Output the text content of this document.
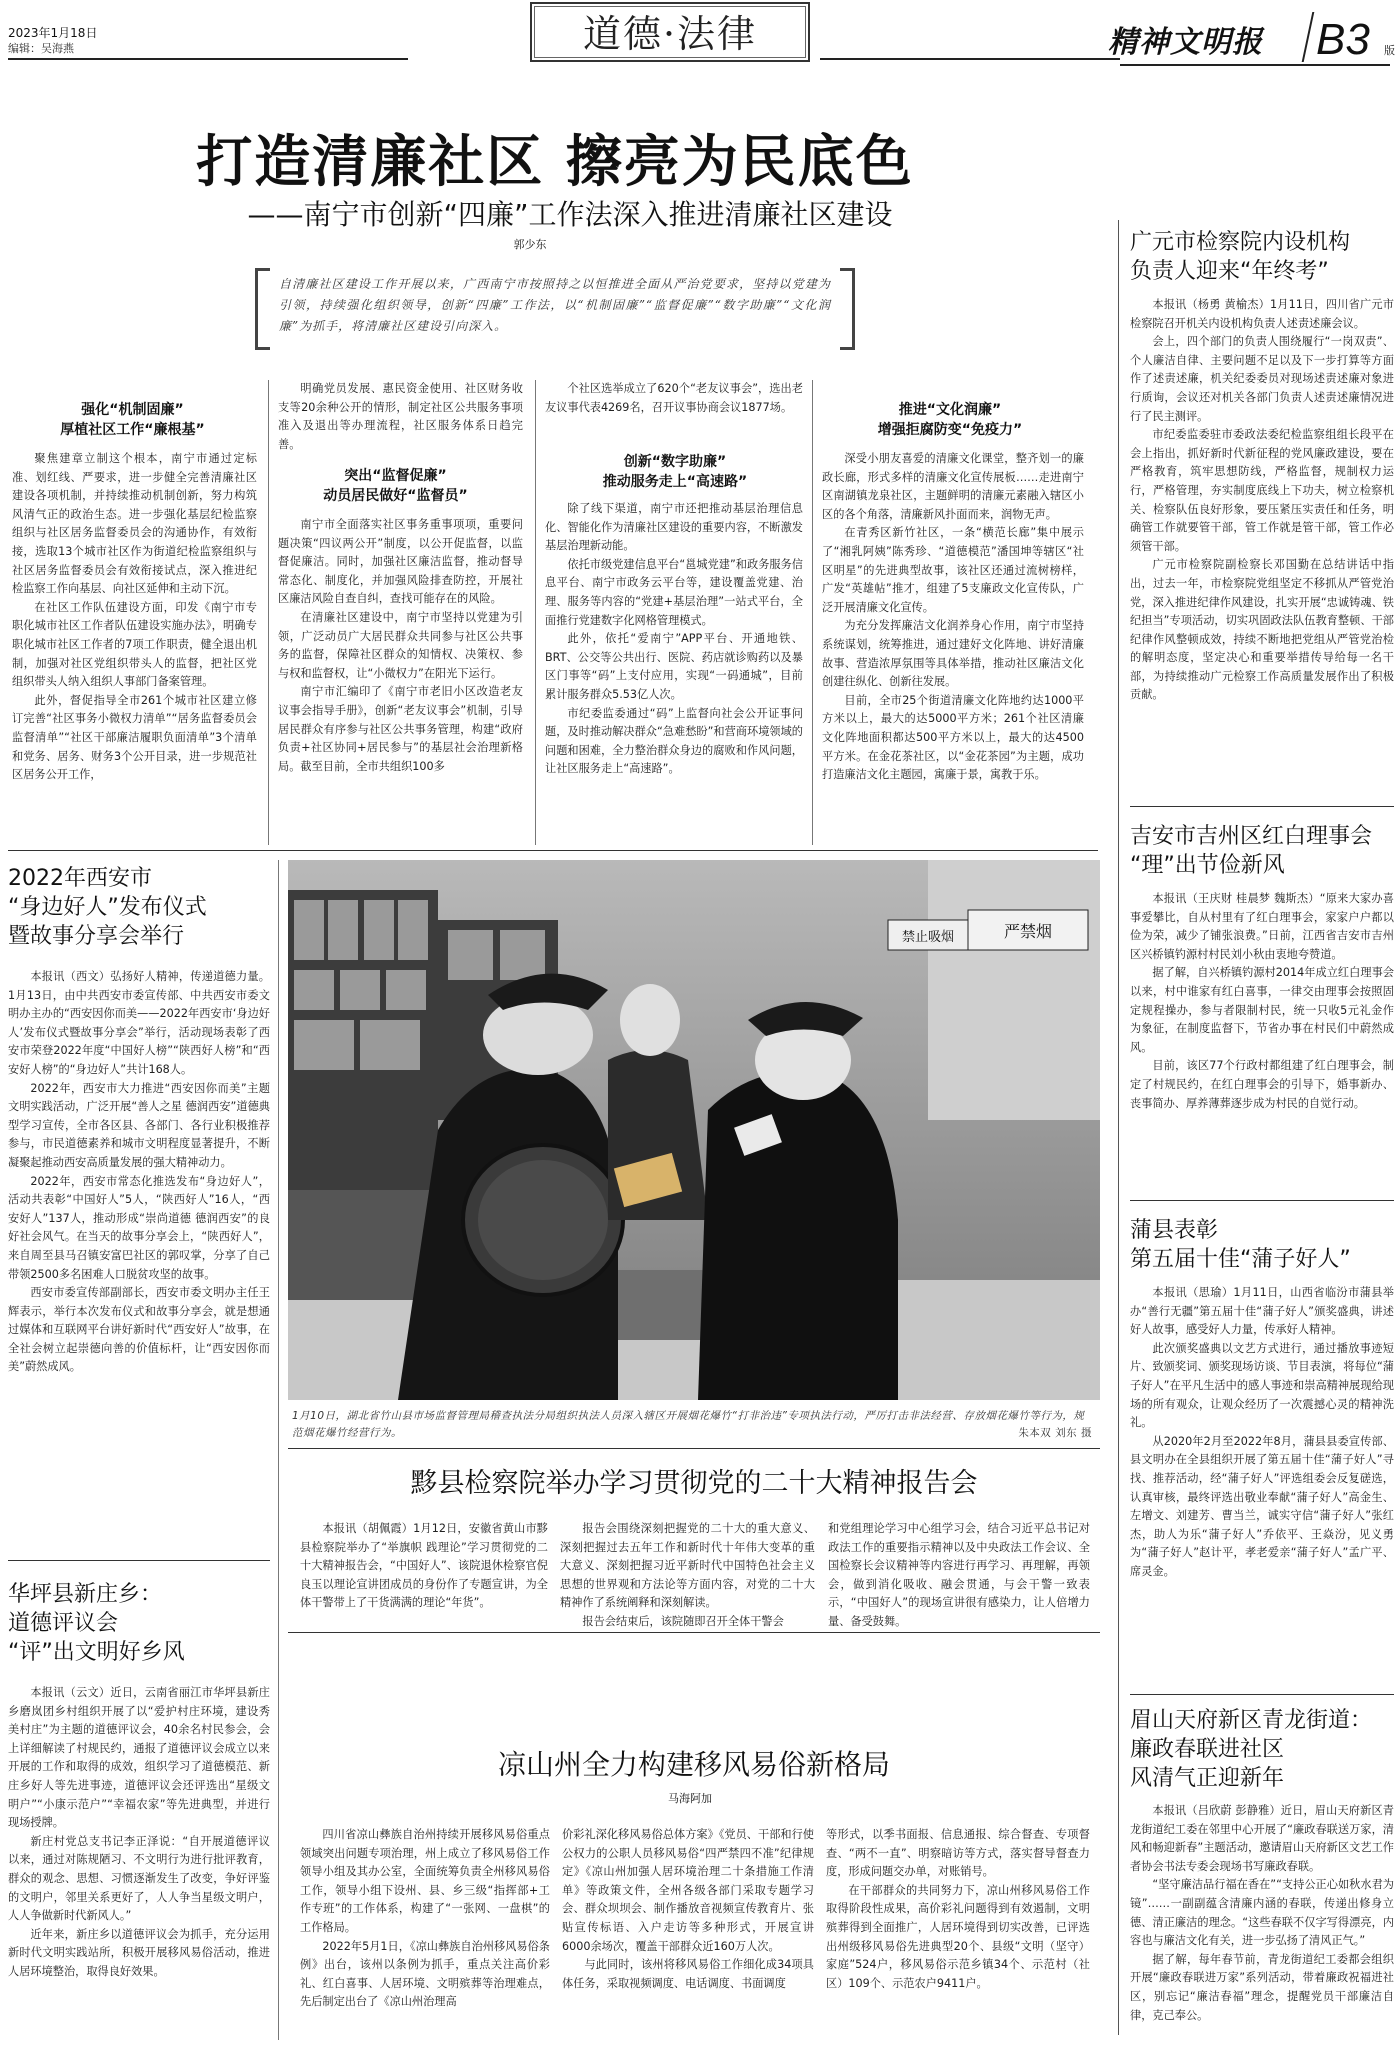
2023年1月18日
编辑：吴海燕	道德·法律	精神文明报 B3 版
打造清廉社区 擦亮为民底色
——南宁市创新“四廉”工作法深入推进清廉社区建设
郭少东
自清廉社区建设工作开展以来，广西南宁市按照持之以恒推进全面从严治党要求，坚持以党建为引领，持续强化组织领导，创新“四廉”工作法，以“机制固廉”“监督促廉”“数字助廉”“文化润廉”为抓手，将清廉社区建设引向深入。
强化“机制固廉”
厚植社区工作“廉根基”
突出“监督促廉”
动员居民做好“监督员”
创新“数字助廉”
推动服务走上“高速路”
推进“文化润廉”
增强拒腐防变“免疫力”

聚焦建章立制这个根本，南宁市通过定标准、划红线、严要求，进一步健全完善清廉社区建设各项机制，并持续推动机制创新，努力构筑风清气正的政治生态。进一步强化基层纪检监察组织与社区居务监督委员会的沟通协作，有效衔接，选取13个城市社区作为街道纪检监察组织与社区居务监督委员会有效衔接试点，深入推进纪检监察工作向基层、向社区延伸和主动下沉。

在社区工作队伍建设方面，印发《南宁市专职化城市社区工作者队伍建设实施办法》，明确专职化城市社区工作者的7项工作职责，健全退出机制，加强对社区党组织带头人的监督，把社区党组织带头人纳入组织人事部门备案管理。

此外，督促指导全市261个城市社区建立修订完善“社区事务小微权力清单”“居务监督委员会监督清单”“社区干部廉洁履职负面清单”3个清单和党务、居务、财务3个公开目录，进一步规范社区居务公开工作，

明确党员发展、惠民资金使用、社区财务收支等20余种公开的情形，制定社区公共服务事项准入及退出等办理流程，社区服务体系日趋完善。

南宁市全面落实社区事务重事项项，重要问题决策“四议两公开”制度，以公开促监督，以监督促廉洁。同时，加强社区廉洁监督，推动督导常态化、制度化，并加强风险排查防控，开展社区廉洁风险自查自纠，查找可能存在的风险。

在清廉社区建设中，南宁市坚持以党建为引领，广泛动员广大居民群众共同参与社区公共事务的监督，保障社区群众的知情权、决策权、参与权和监督权，让“小微权力”在阳光下运行。

南宁市汇编印了《南宁市老旧小区改造老友议事会指导手册》，创新“老友议事会”机制，引导居民群众有序参与社区公共事务管理，构建“政府负责+社区协同+居民参与”的基层社会治理新格局。截至目前，全市共组织100多

个社区选举成立了620个“老友议事会”，选出老友议事代表4269名，召开议事协商会议1877场。

除了线下渠道，南宁市还把推动基层治理信息化、智能化作为清廉社区建设的重要内容，不断激发基层治理新动能。

依托市级党建信息平台“邕城党建”和政务服务信息平台、南宁市政务云平台等，建设覆盖党建、治理、服务等内容的“党建+基层治理”一站式平台，全面推行党建数字化网格管理模式。

此外，依托“爱南宁”APP平台、开通地铁、BRT、公交等公共出行、医院、药店就诊购药以及暴区门事等“码”上支付应用，实现“一码通城”，目前累计服务群众5.53亿人次。

市纪委监委通过“码”上监督向社会公开证事问题，及时推动解决群众“急难愁盼”和营商环境领域的问题和困难，全力整治群众身边的腐败和作风问题，让社区服务走上“高速路”。

深受小朋友喜爱的清廉文化课堂，整齐划一的廉政长廊，形式多样的清廉文化宣传展板……走进南宁区南湖镇龙泉社区，主题鲜明的清廉元素融入辖区小区的各个角落，清廉新风扑面而来，润物无声。

在青秀区新竹社区，一条“横范长廊”集中展示了“湘乳阿姨”陈秀珍、“道德模范”潘国坤等辖区“社区明星”的先进典型故事，该社区还通过流树榜样，广发“英雄帖”推才，组建了5支廉政文化宣传队，广泛开展清廉文化宣传。

为充分发挥廉洁文化润养身心作用，南宁市坚持系统谋划，统筹推进，通过建好文化阵地、讲好清廉故事、营造浓厚氛围等具体举措，推动社区廉洁文化创建往纵化、创新往发展。

目前，全市25个街道清廉文化阵地约达1000平方米以上，最大的达5000平方米；261个社区清廉文化阵地面积都达500平方米以上，最大的达4500平方米。在金花茶社区，以“金花茶园”为主题，成功打造廉洁文化主题园，寓廉于景，寓教于乐。

2022年西安市
“身边好人”发布仪式
暨故事分享会举行

本报讯（西文）弘扬好人精神，传递道德力量。1月13日，由中共西安市委宣传部、中共西安市委文明办主办的“西安因你而美——2022年西安市‘身边好人’发布仪式暨故事分享会”举行，活动现场表彰了西安市荣登2022年度“中国好人榜”“陕西好人榜”和“西安好人榜”的“身边好人”共计168人。

2022年，西安市大力推进“西安因你而美”主题文明实践活动，广泛开展“善人之星 德润西安”道德典型学习宣传，全市各区县、各部门、各行业积极推荐参与，市民道德素养和城市文明程度显著提升，不断凝聚起推动西安高质量发展的强大精神动力。

2022年，西安市常态化推选发布“身边好人”，活动共表彰“中国好人”5人，“陕西好人”16人，“西安好人”137人，推动形成“崇尚道德 德润西安”的良好社会风气。在当天的故事分享会上，“陕西好人”，来自周至县马召镇安富巴社区的郭叹掌，分享了自己带领2500多名困难人口脱贫攻坚的故事。

西安市委宣传部副部长，西安市委文明办主任王辉表示，举行本次发布仪式和故事分享会，就是想通过媒体和互联网平台讲好新时代“西安好人”故事，在全社会树立起崇德向善的价值标杆，让“西安因你而美”蔚然成风。

华坪县新庄乡：
道德评议会
“评”出文明好乡风

本报讯（云文）近日，云南省丽江市华坪县新庄乡磨岚团乡村组织开展了以“爱护村庄环境，建设秀美村庄”为主题的道德评议会，40余名村民参会，会上详细解读了村规民约，通报了道德评议会成立以来开展的工作和取得的成效，组织学习了道德模范、新庄乡好人等先进事迹，道德评议会还评选出“星级文明户”“小康示范户”“幸福农家”等先进典型，并进行现场授牌。

新庄村党总支书记李正泽说：“自开展道德评议以来，通过对陈规陋习、不文明行为进行批评教育，群众的观念、思想、习惯逐渐发生了改变，争好评鉴的文明户，邻里关系更好了，人人争当星级文明户，人人争做新时代新风人。”

近年来，新庄乡以道德评议会为抓手，充分运用新时代文明实践站所，积极开展移风易俗活动，推进人居环境整治，取得良好效果。

严禁烟
禁止吸烟
1月10日，湖北省竹山县市场监督管理局稽查执法分局组织执法人员深入辖区开展烟花爆竹“打非治违”专项执法行动，严厉打击非法经营、存放烟花爆竹等行为，规范烟花爆竹经营行为。	朱本双 刘东 摄
黟县检察院举办学习贯彻党的二十大精神报告会

本报讯（胡佩霞）1月12日，安徽省黄山市黟县检察院举办了“举旗帜 践理论”学习贯彻党的二十大精神报告会，“中国好人”、该院退休检察官倪良玉以理论宣讲团成员的身份作了专题宣讲，为全体干警带上了干货满满的理论“年货”。

报告会围绕深刻把握党的二十大的重大意义、深刻把握过去五年工作和新时代十年伟大变革的重大意义、深刻把握习近平新时代中国特色社会主义思想的世界观和方法论等方面内容，对党的二十大精神作了系统阐释和深刻解读。

报告会结束后，该院随即召开全体干警会

和党组理论学习中心组学习会，结合习近平总书记对政法工作的重要指示精神以及中央政法工作会议、全国检察长会议精神等内容进行再学习、再理解，再领会，做到消化吸收、融会贯通，与会干警一致表示，“中国好人”的现场宣讲很有感染力，让人倍增力量、备受鼓舞。

凉山州全力构建移风易俗新格局
马海阿加

四川省凉山彝族自治州持续开展移风易俗重点领域突出问题专项治理，州上成立了移风易俗工作领导小组及其办公室，全面统筹负责全州移风易俗工作，领导小组下设州、县、乡三级“指挥部+工作专班”的工作体系，构建了“一张网、一盘棋”的工作格局。

2022年5月1日，《凉山彝族自治州移风易俗条例》出台，该州以条例为抓手，重点关注高价彩礼、红白喜事、人居环境、文明殡葬等治理难点，先后制定出台了《凉山州治理高

价彩礼深化移风易俗总体方案》《党员、干部和行使公权力的公职人员移风易俗“四严禁四不准”纪律规定》《凉山州加强人居环境治理二十条措施工作清单》等政策文件，全州各级各部门采取专题学习会、群众坝坝会、制作播放音视频宣传教育片、张贴宣传标语、入户走访等多种形式，开展宣讲6000余场次，覆盖干部群众近160万人次。

与此同时，该州将移风易俗工作细化成34项具体任务，采取视频调度、电话调度、书面调度

等形式，以季书面报、信息通报、综合督查、专项督查、“两不一直”、明察暗访等方式，落实督导督查力度，形成问题交办单，对账销号。

在干部群众的共同努力下，凉山州移风易俗工作取得阶段性成果，高价彩礼问题得到有效遏制，文明殡葬得到全面推广，人居环境得到切实改善，已评选出州级移风易俗先进典型20个、县级“文明（坚守）家庭”524户，移风易俗示范乡镇34个、示范村（社区）109个、示范农户9411户。

广元市检察院内设机构
负责人迎来“年终考”

本报讯（杨勇 黄榆杰）1月11日，四川省广元市检察院召开机关内设机构负责人述责述廉会议。

会上，四个部门的负责人围绕履行“一岗双责”、个人廉洁自律、主要问题不足以及下一步打算等方面作了述责述廉，机关纪委委员对现场述责述廉对象进行质询，会议还对机关各部门负责人述责述廉情况进行了民主测评。

市纪委监委驻市委政法委纪检监察组组长段平在会上指出，抓好新时代新征程的党风廉政建设，要在严格教育，筑牢思想防线，严格监督，规制权力运行，严格管理，夯实制度底线上下功夫，树立检察机关、检察队伍良好形象，要压紧压实责任和任务，明确管工作就要管干部，管工作就是管干部，管工作必须管干部。

广元市检察院副检察长邓国勤在总结讲话中指出，过去一年，市检察院党组坚定不移抓从严管党治党，深入推进纪律作风建设，扎实开展“忠诚铸魂、铁纪担当”专项活动，切实巩固政法队伍教育整顿、干部纪律作风整顿成效，持续不断地把党组从严管党治检的解明态度，坚定决心和重要举措传导给每一名干部，为持续推动广元检察工作高质量发展作出了积极贡献。

吉安市吉州区红白理事会
“理”出节俭新风

本报讯（王庆财 桂晨梦 魏斯杰）“原来大家办喜事爱攀比，自从村里有了红白理事会，家家户户都以俭为荣，减少了铺张浪费。”日前，江西省吉安市吉州区兴桥镇钓源村村民刘小秋由衷地夸赞道。

据了解，自兴桥镇钓源村2014年成立红白理事会以来，村中谁家有红白喜事，一律交由理事会按照固定规程操办，参与者限制村民，统一只收5元礼金作为象征，在制度监督下，节省办事在村民们中蔚然成风。

目前，该区77个行政村都组建了红白理事会，制定了村规民约，在红白理事会的引导下，婚事新办、丧事简办、厚养薄葬逐步成为村民的自觉行动。

蒲县表彰
第五届十佳“蒲子好人”

本报讯（思瑜）1月11日，山西省临汾市蒲县举办“善行无疆”第五届十佳“蒲子好人”颁奖盛典，讲述好人故事，感受好人力量，传承好人精神。

此次颁奖盛典以文艺方式进行，通过播放事迹短片、致颁奖词、颁奖现场访谈、节目表演，将每位“蒲子好人”在平凡生活中的感人事迹和崇高精神展现给现场的所有观众，让观众经历了一次震撼心灵的精神洗礼。

从2020年2月至2022年8月，蒲县县委宣传部、县文明办在全县组织开展了第五届十佳“蒲子好人”寻找、推荐活动，经“蒲子好人”评选组委会反复磋选，认真审核，最终评选出敬业奉献“蒲子好人”高金生、左增文、刘建芳、曹当兰，诚实守信“蒲子好人”张红杰，助人为乐“蒲子好人”乔依平、王焱汾，见义勇为“蒲子好人”赵计平，孝老爱亲“蒲子好人”孟广平、席灵金。

眉山天府新区青龙街道：
廉政春联进社区
风清气正迎新年

本报讯（吕欣蔚 彭静雅）近日，眉山天府新区青龙街道纪工委在邻里中心开展了“廉政春联送万家，清风和畅迎新春”主题活动，邀请眉山天府新区文艺工作者协会书法专委会现场书写廉政春联。

“坚守廉洁品行福在香在”“支持公正心如秋水君为镜”……一副副蕴含清廉内涵的春联，传递出修身立德、清正廉洁的理念。“这些春联不仅字写得漂亮，内容也与廉洁文化有关，进一步弘扬了清风正气。”

据了解，每年春节前，青龙街道纪工委都会组织开展“廉政春联进万家”系列活动，带着廉政祝福进社区，别忘记“廉洁春福”理念，提醒党员干部廉洁自律，克己奉公。
